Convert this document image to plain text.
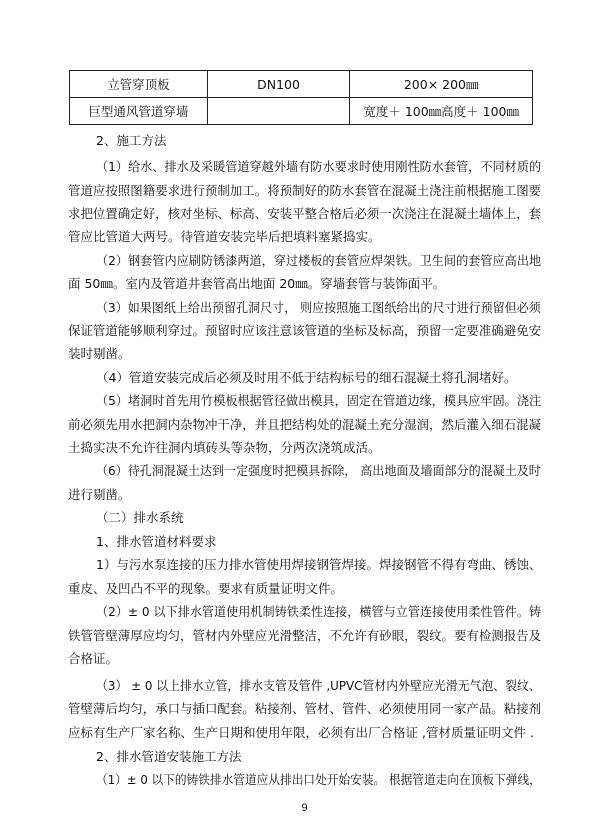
立管穿顶板	DN100	200× 200㎜
巨型通风管道穿墙		宽度＋ 100㎜高度＋ 100㎜
2、施工方法
（1）给水、排水及采暖管道穿越外墙有防水要求时使用刚性防水套管，不同材质的
管道应按照图籍要求进行预制加工。将预制好的防水套管在混凝土浇注前根据施工图要
求把位置确定好，核对坐标、标高、安装平整合格后必须一次浇注在混凝土墙体上，套
管应比管道大两号。待管道安装完毕后把填料塞紧捣实。
（2）钢套管内应刷防锈漆两道，穿过楼板的套管应焊架铁。卫生间的套管应高出地
面 50㎜。室内及管道井套管高出地面 20㎜。穿墙套管与装饰面平。
（3）如果图纸上给出预留孔洞尺寸， 则应按照施工图纸给出的尺寸进行预留但必须
保证管道能够顺利穿过。预留时应该注意该管道的坐标及标高，预留一定要准确避免安
装时剔凿。
（4）管道安装完成后必须及时用不低于结构标号的细石混凝土将孔洞堵好。
（5）堵洞时首先用竹模板根据管径做出模具，固定在管道边缘，模具应牢固。浇注
前必须先用水把洞内杂物冲干净，并且把结构处的混凝土充分湿润，然后灌入细石混凝
土捣实决不允许往洞内填砖头等杂物，分两次浇筑成活。
（6）待孔洞混凝土达到一定强度时把模具拆除， 高出地面及墙面部分的混凝土及时
进行剔凿。
（二）排水系统
1、排水管道材料要求
1）与污水泵连接的压力排水管使用焊接钢管焊接。焊接钢管不得有弯曲、锈蚀、
重皮、及凹凸不平的现象。要求有质量证明文件。
（2）± 0 以下排水管道使用机制铸铁柔性连接，横管与立管连接使用柔性管件。铸
铁管管壁薄厚应均匀，管材内外壁应光滑整洁，不允许有砂眼，裂纹。要有检测报告及
合格证。
（3） ± 0 以上排水立管，排水支管及管件 ,UPVC管材内外壁应光滑无气泡、裂纹、
管壁薄后均匀，承口与插口配套。粘接剂、管材、管件、必须使用同一家产品。粘接剂
应标有生产厂家名称、生产日期和使用年限，必须有出厂合格证 ,管材质量证明文件 .
2、排水管道安装施工方法
（1）± 0 以下的铸铁排水管道应从排出口处开始安装。 根据管道走向在顶板下弹线，
9
